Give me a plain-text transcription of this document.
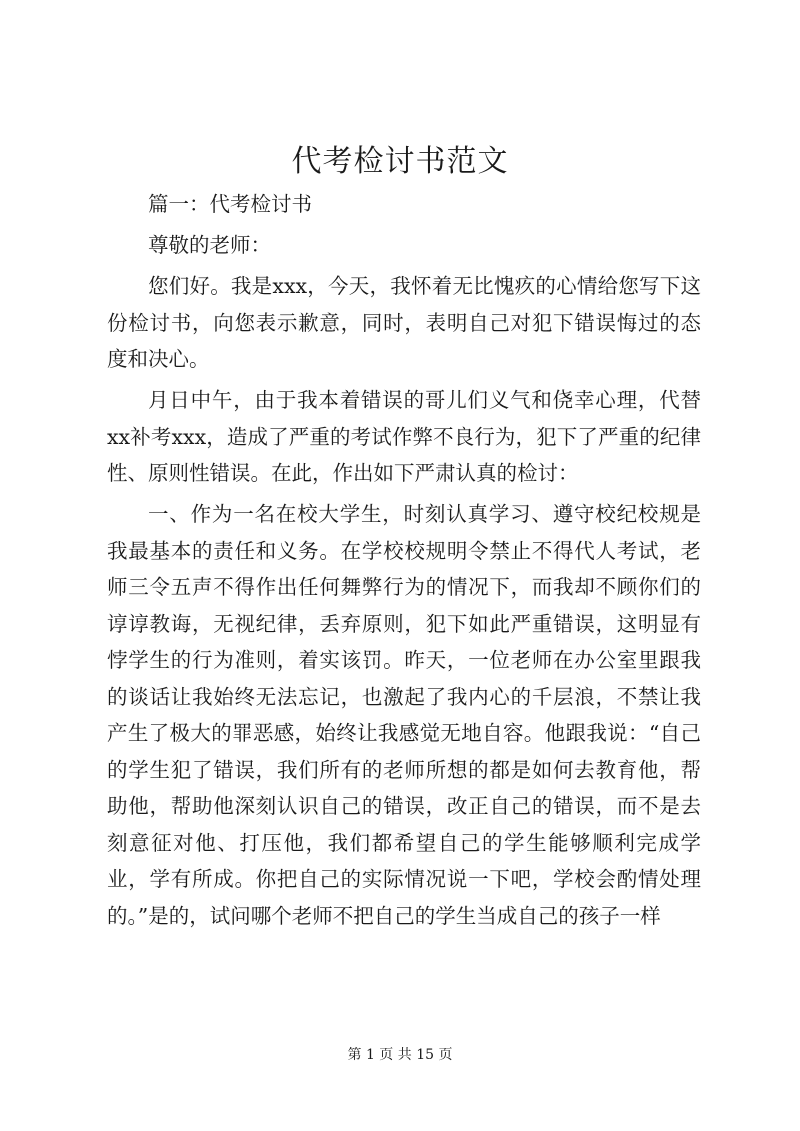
代考检讨书范文

篇一：代考检讨书

尊敬的老师：

您们好。我是xxx，今天，我怀着无比愧疚的心情给您写下这份检讨书，向您表示歉意，同时，表明自己对犯下错误悔过的态度和决心。

月日中午，由于我本着错误的哥儿们义气和侥幸心理，代替xx补考xxx，造成了严重的考试作弊不良行为，犯下了严重的纪律性、原则性错误。在此，作出如下严肃认真的检讨：

一、作为一名在校大学生，时刻认真学习、遵守校纪校规是我最基本的责任和义务。在学校校规明令禁止不得代人考试，老师三令五声不得作出任何舞弊行为的情况下，而我却不顾你们的谆谆教诲，无视纪律，丢弃原则，犯下如此严重错误，这明显有悖学生的行为准则，着实该罚。昨天，一位老师在办公室里跟我的谈话让我始终无法忘记，也激起了我内心的千层浪，不禁让我产生了极大的罪恶感，始终让我感觉无地自容。他跟我说：“自己的学生犯了错误，我们所有的老师所想的都是如何去教育他，帮助他，帮助他深刻认识自己的错误，改正自己的错误，而不是去刻意征对他、打压他，我们都希望自己的学生能够顺利完成学业，学有所成。你把自己的实际情况说一下吧，学校会酌情处理的。”是的，试问哪个老师不把自己的学生当成自己的孩子一样

第 1 页 共 15 页
